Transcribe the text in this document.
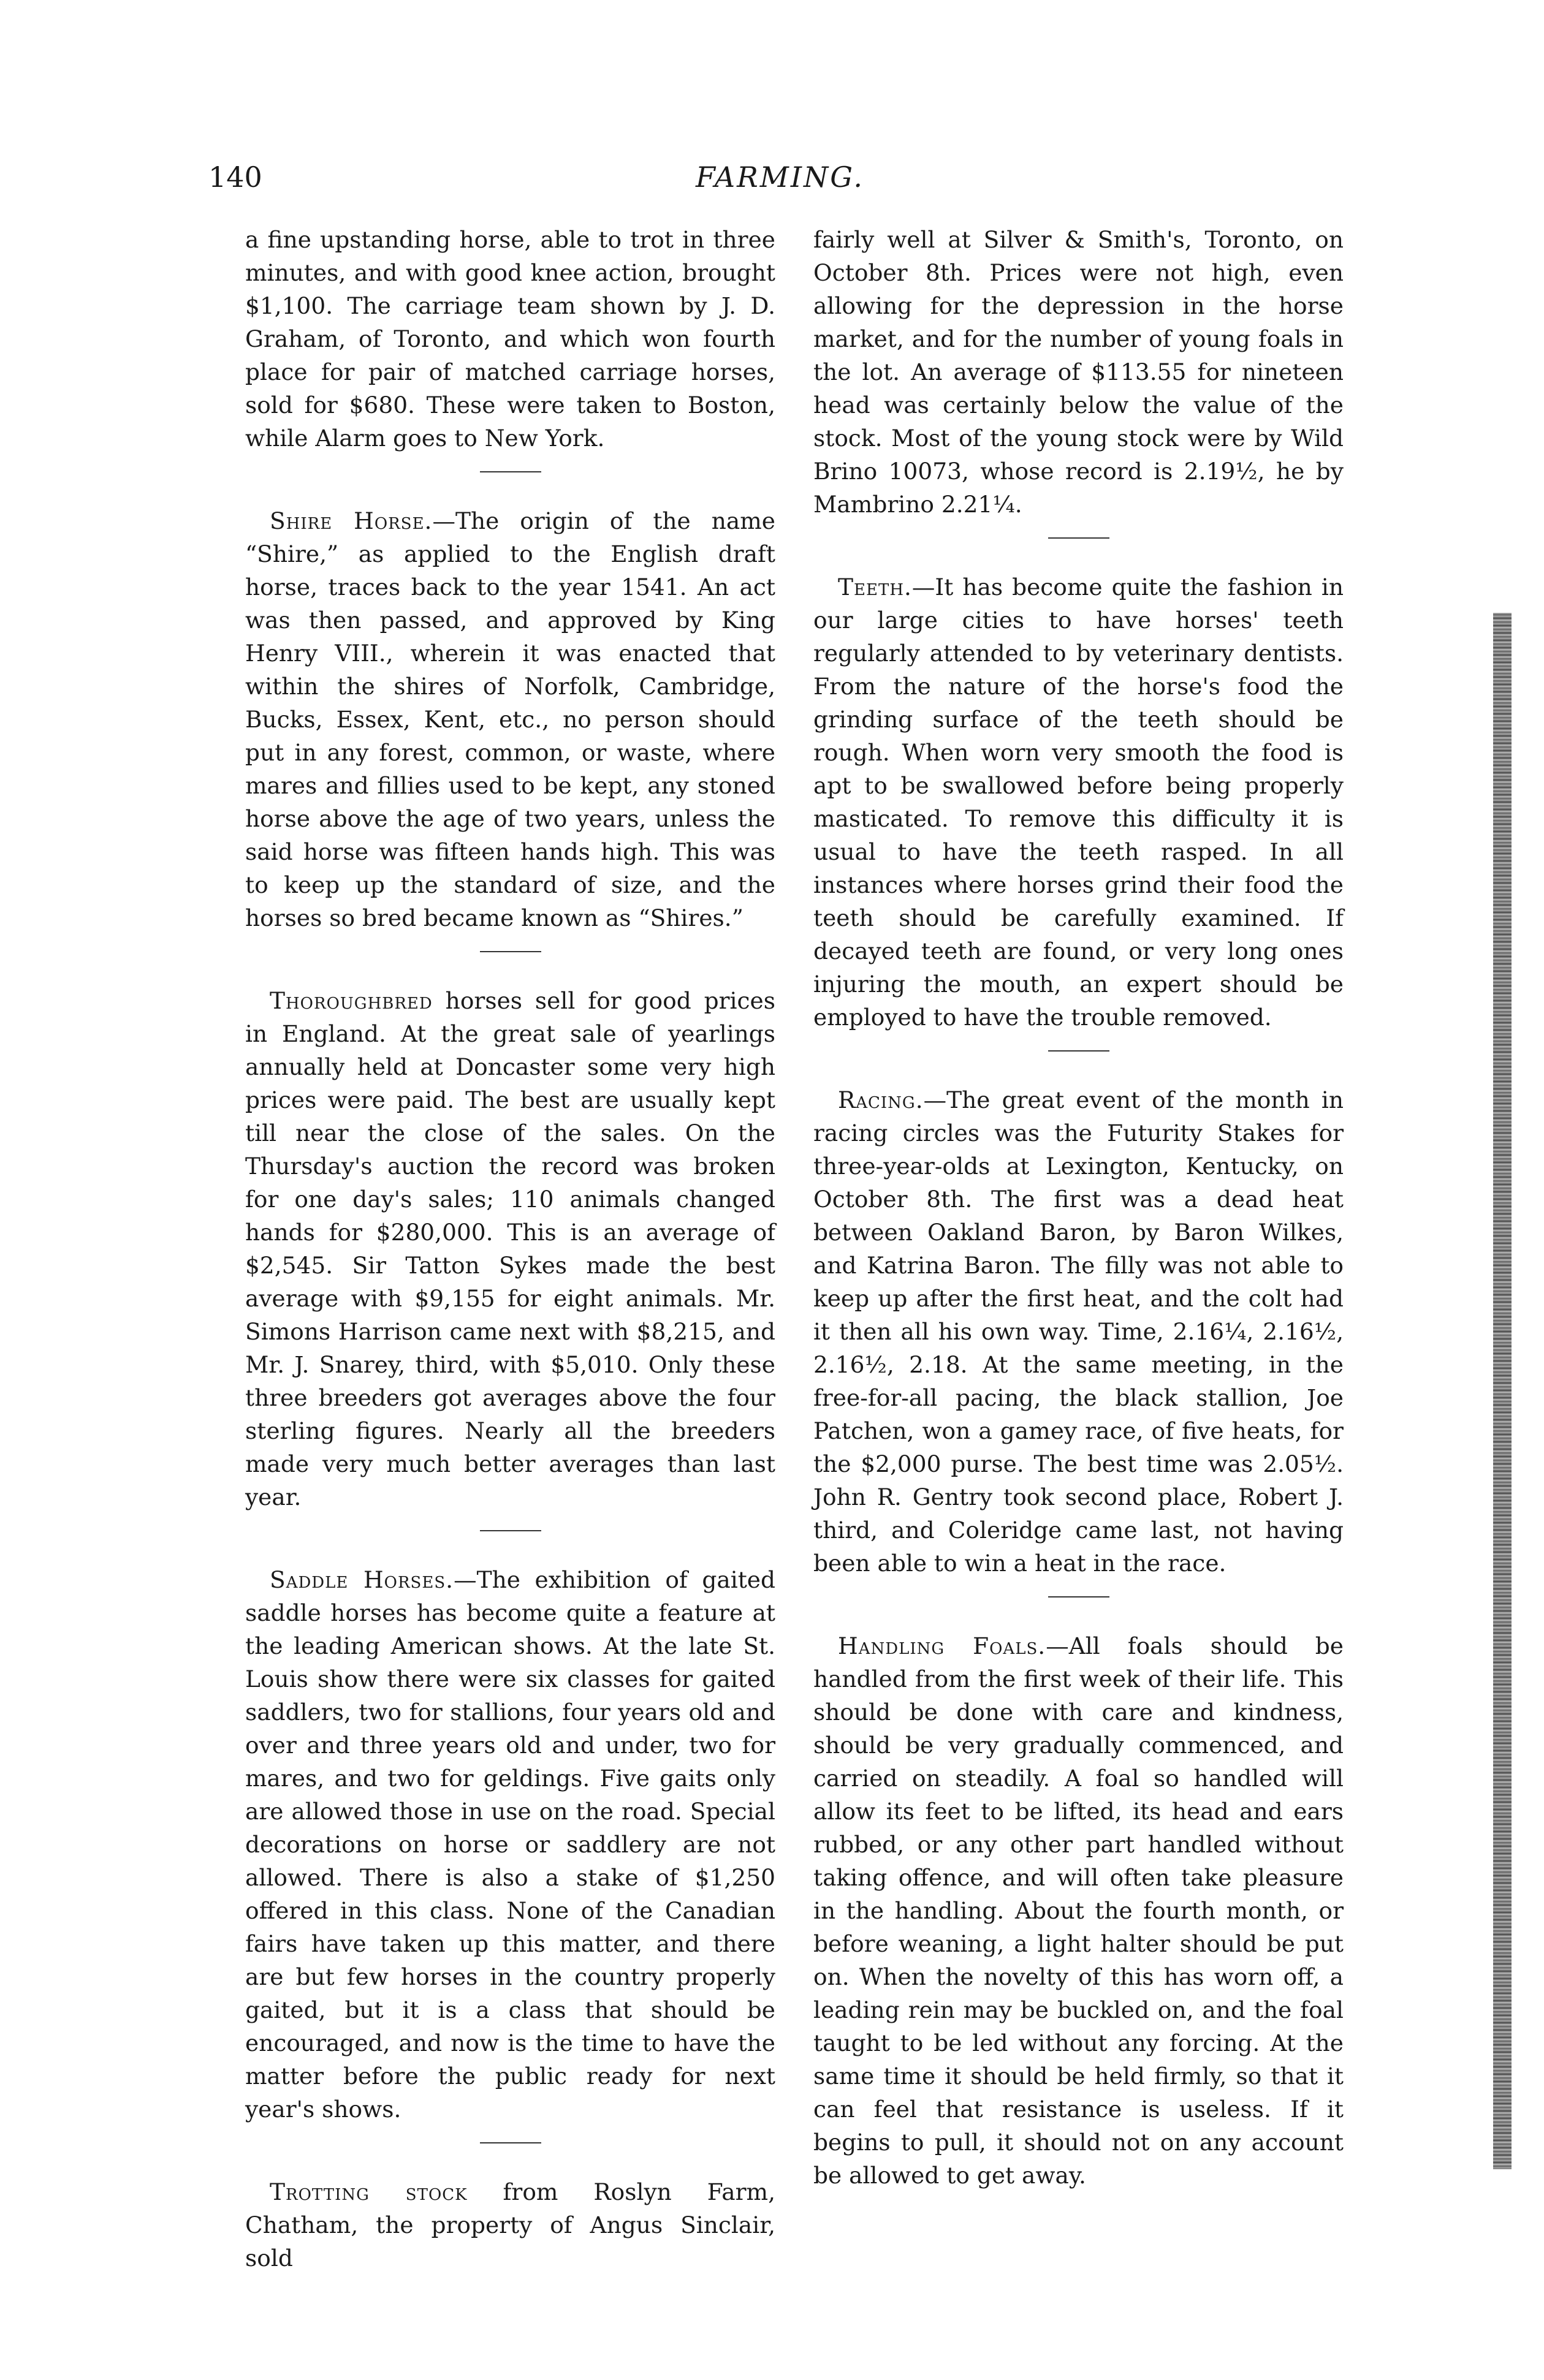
140	FARMING.

a fine upstanding horse, able to trot in three minutes, and with good knee action, brought $1,100. The carriage team shown by J. D. Graham, of Toronto, and which won fourth place for pair of matched carriage horses, sold for $680. These were taken to Boston, while Alarm goes to New York.

Shire Horse.—The origin of the name “Shire,” as applied to the English draft horse, traces back to the year 1541. An act was then passed, and approved by King Henry VIII., wherein it was enacted that within the shires of Norfolk, Cambridge, Bucks, Essex, Kent, etc., no person should put in any forest, common, or waste, where mares and fillies used to be kept, any stoned horse above the age of two years, unless the said horse was fifteen hands high. This was to keep up the standard of size, and the horses so bred became known as “Shires.”

Thoroughbred horses sell for good prices in England. At the great sale of yearlings annually held at Doncaster some very high prices were paid. The best are usually kept till near the close of the sales. On the Thursday's auction the record was broken for one day's sales; 110 animals changed hands for $280,000. This is an average of $2,545. Sir Tatton Sykes made the best average with $9,155 for eight animals. Mr. Simons Harrison came next with $8,215, and Mr. J. Snarey, third, with $5,010. Only these three breeders got averages above the four sterling figures. Nearly all the breeders made very much better averages than last year.

Saddle Horses.—The exhibition of gaited saddle horses has become quite a feature at the leading American shows. At the late St. Louis show there were six classes for gaited saddlers, two for stallions, four years old and over and three years old and under, two for mares, and two for geldings. Five gaits only are allowed those in use on the road. Special decorations on horse or saddlery are not allowed. There is also a stake of $1,250 offered in this class. None of the Canadian fairs have taken up this matter, and there are but few horses in the country properly gaited, but it is a class that should be encouraged, and now is the time to have the matter before the public ready for next year's shows.

Trotting stock from Roslyn Farm, Chatham, the property of Angus Sinclair, sold

fairly well at Silver & Smith's, Toronto, on October 8th. Prices were not high, even allowing for the depression in the horse market, and for the number of young foals in the lot. An average of $113.55 for nineteen head was certainly below the value of the stock. Most of the young stock were by Wild Brino 10073, whose record is 2.19½, he by Mambrino 2.21¼.

Teeth.—It has become quite the fashion in our large cities to have horses' teeth regularly attended to by veterinary dentists. From the nature of the horse's food the grinding surface of the teeth should be rough. When worn very smooth the food is apt to be swallowed before being properly masticated. To remove this difficulty it is usual to have the teeth rasped. In all instances where horses grind their food the teeth should be carefully examined. If decayed teeth are found, or very long ones injuring the mouth, an expert should be employed to have the trouble removed.

Racing.—The great event of the month in racing circles was the Futurity Stakes for three-year-olds at Lexington, Kentucky, on October 8th. The first was a dead heat between Oakland Baron, by Baron Wilkes, and Katrina Baron. The filly was not able to keep up after the first heat, and the colt had it then all his own way. Time, 2.16¼, 2.16½, 2.16½, 2.18. At the same meeting, in the free-for-all pacing, the black stallion, Joe Patchen, won a gamey race, of five heats, for the $2,000 purse. The best time was 2.05½. John R. Gentry took second place, Robert J. third, and Coleridge came last, not having been able to win a heat in the race.

Handling Foals.—All foals should be handled from the first week of their life. This should be done with care and kindness, should be very gradually commenced, and carried on steadily. A foal so handled will allow its feet to be lifted, its head and ears rubbed, or any other part handled without taking offence, and will often take pleasure in the handling. About the fourth month, or before weaning, a light halter should be put on. When the novelty of this has worn off, a leading rein may be buckled on, and the foal taught to be led without any forcing. At the same time it should be held firmly, so that it can feel that resistance is useless. If it begins to pull, it should not on any account be allowed to get away.
